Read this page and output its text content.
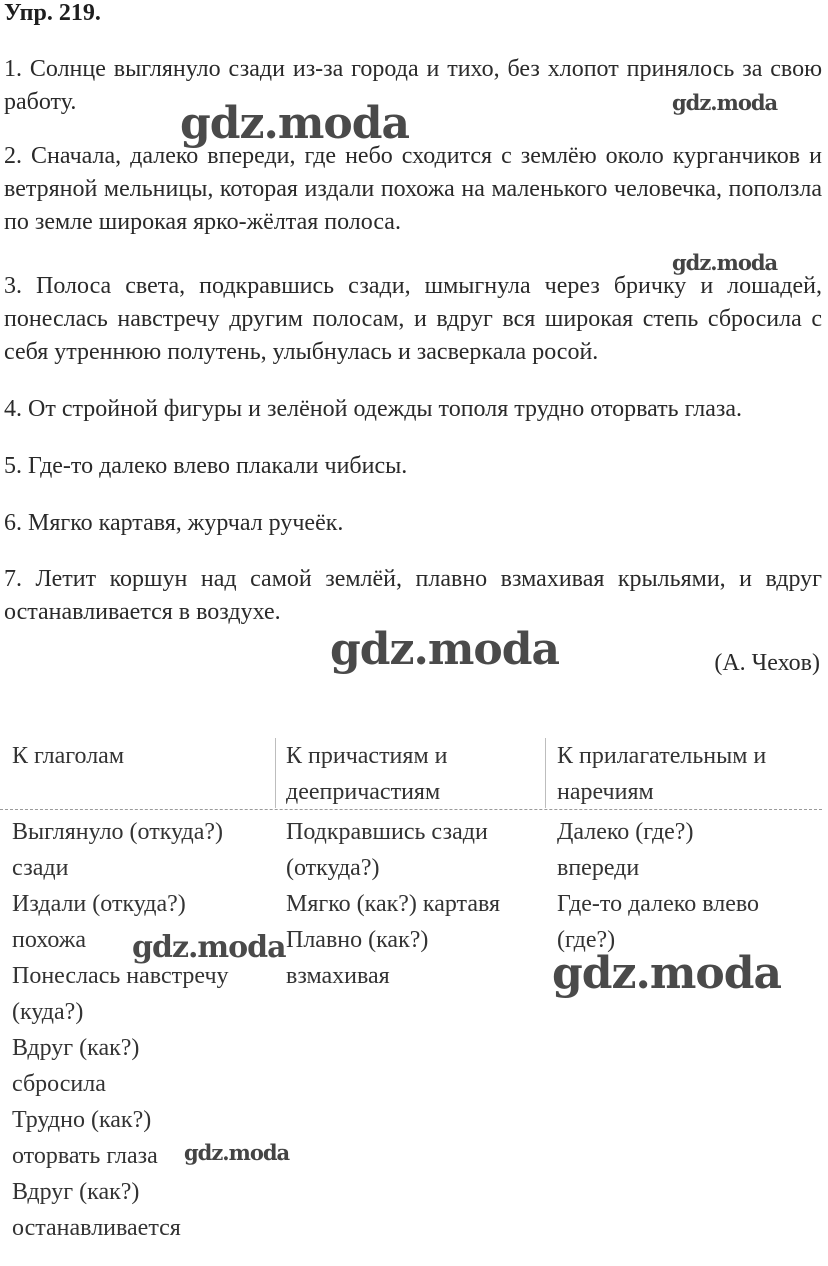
Упр. 219.

1. Солнце выглянуло сзади из-за города и тихо, без хлопот принялось за свою работу.

2. Сначала, далеко впереди, где небо сходится с землёю около курганчиков и ветряной мельницы, которая издали похожа на маленького человечка, поползла по земле широкая ярко-жёлтая полоса.

3. Полоса света, подкравшись сзади, шмыгнула через бричку и лошадей, понеслась навстречу другим полосам, и вдруг вся широкая степь сбросила с себя утреннюю полутень, улыбнулась и засверкала росой.

4. От стройной фигуры и зелёной одежды тополя трудно оторвать глаза.

5. Где-то далеко влево плакали чибисы.

6. Мягко картавя, журчал ручеёк.

7. Летит коршун над самой землёй, плавно взмахивая крыльями, и вдруг останавливается в воздухе.

(А. Чехов)
gdz.moda	gdz.moda
gdz.moda
gdz.moda
gdz.moda
gdz.moda
gdz.moda
К глаголам	К причастиям и деепричастиям
К прилагательным и наречиям
Выглянуло (откуда?)
сзади
Издали (откуда?)
похожа
Понеслась навстречу
(куда?)
Вдруг (как?)
сбросила
Трудно (как?)
оторвать глаза
Вдруг (как?)
останавливается
Подкравшись сзади
(откуда?)
Мягко (как?) картавя
Плавно (как?)
взмахивая
Далеко (где?)
впереди
Где-то далеко влево
(где?)
